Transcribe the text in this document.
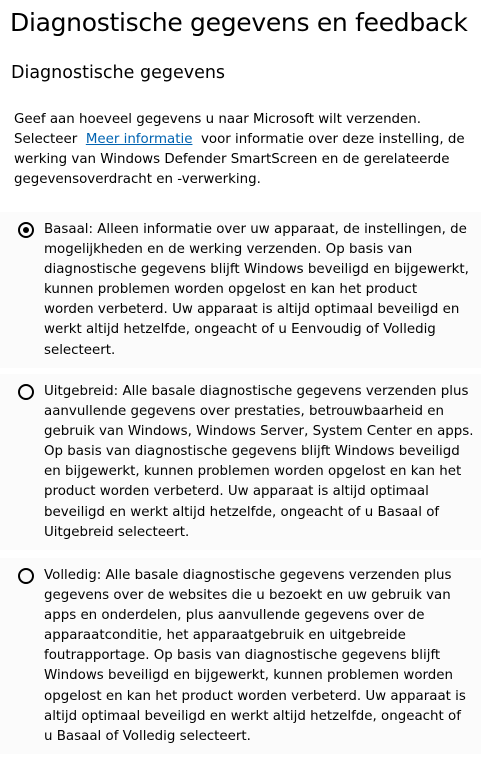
Diagnostische gegevens en feedback
Diagnostische gegevens
Geef aan hoeveel gegevens u naar Microsoft wilt verzenden.
Selecteer Meer informatie voor informatie over deze instelling, de
werking van Windows Defender SmartScreen en de gerelateerde
gegevensoverdracht en -verwerking.
Basaal: Alleen informatie over uw apparaat, de instellingen, de
mogelijkheden en de werking verzenden. Op basis van
diagnostische gegevens blijft Windows beveiligd en bijgewerkt,
kunnen problemen worden opgelost en kan het product
worden verbeterd. Uw apparaat is altijd optimaal beveiligd en
werkt altijd hetzelfde, ongeacht of u Eenvoudig of Volledig
selecteert.
Uitgebreid: Alle basale diagnostische gegevens verzenden plus
aanvullende gegevens over prestaties, betrouwbaarheid en
gebruik van Windows, Windows Server, System Center en apps.
Op basis van diagnostische gegevens blijft Windows beveiligd
en bijgewerkt, kunnen problemen worden opgelost en kan het
product worden verbeterd. Uw apparaat is altijd optimaal
beveiligd en werkt altijd hetzelfde, ongeacht of u Basaal of
Uitgebreid selecteert.
Volledig: Alle basale diagnostische gegevens verzenden plus
gegevens over de websites die u bezoekt en uw gebruik van
apps en onderdelen, plus aanvullende gegevens over de
apparaatconditie, het apparaatgebruik en uitgebreide
foutrapportage. Op basis van diagnostische gegevens blijft
Windows beveiligd en bijgewerkt, kunnen problemen worden
opgelost en kan het product worden verbeterd. Uw apparaat is
altijd optimaal beveiligd en werkt altijd hetzelfde, ongeacht of
u Basaal of Volledig selecteert.
